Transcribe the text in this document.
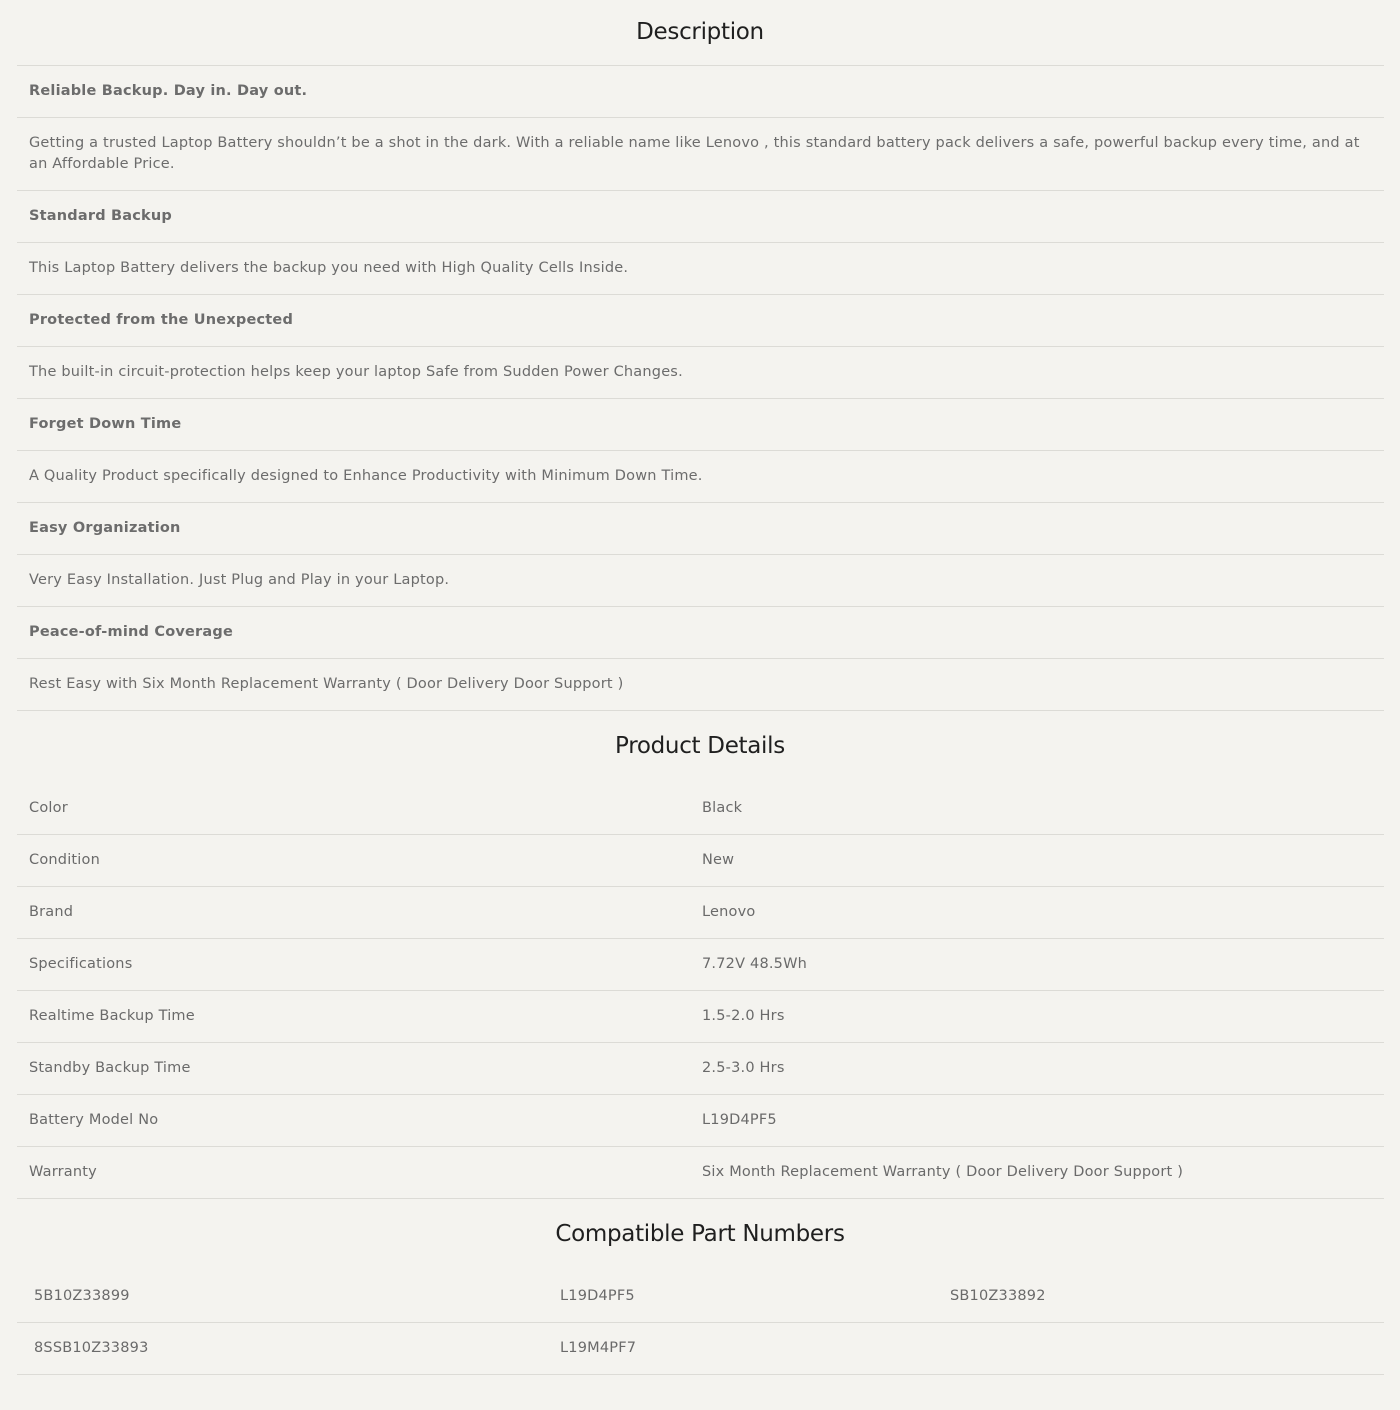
Description
Reliable Backup. Day in. Day out.
Getting a trusted Laptop Battery shouldn’t be a shot in the dark. With a reliable name like Lenovo , this standard battery pack delivers a safe, powerful backup every time, and at an Affordable Price.
Standard Backup
This Laptop Battery delivers the backup you need with High Quality Cells Inside.
Protected from the Unexpected
The built-in circuit-protection helps keep your laptop Safe from Sudden Power Changes.
Forget Down Time
A Quality Product specifically designed to Enhance Productivity with Minimum Down Time.
Easy Organization
Very Easy Installation. Just Plug and Play in your Laptop.
Peace-of-mind Coverage
Rest Easy with Six Month Replacement Warranty ( Door Delivery Door Support )
Product Details
Color	Black
Condition	New
Brand	Lenovo
Specifications	7.72V 48.5Wh
Realtime Backup Time	1.5-2.0 Hrs
Standby Backup Time	2.5-3.0 Hrs
Battery Model No	L19D4PF5
Warranty	Six Month Replacement Warranty ( Door Delivery Door Support )
Compatible Part Numbers
5B10Z33899	L19D4PF5	SB10Z33892
8SSB10Z33893	L19M4PF7
